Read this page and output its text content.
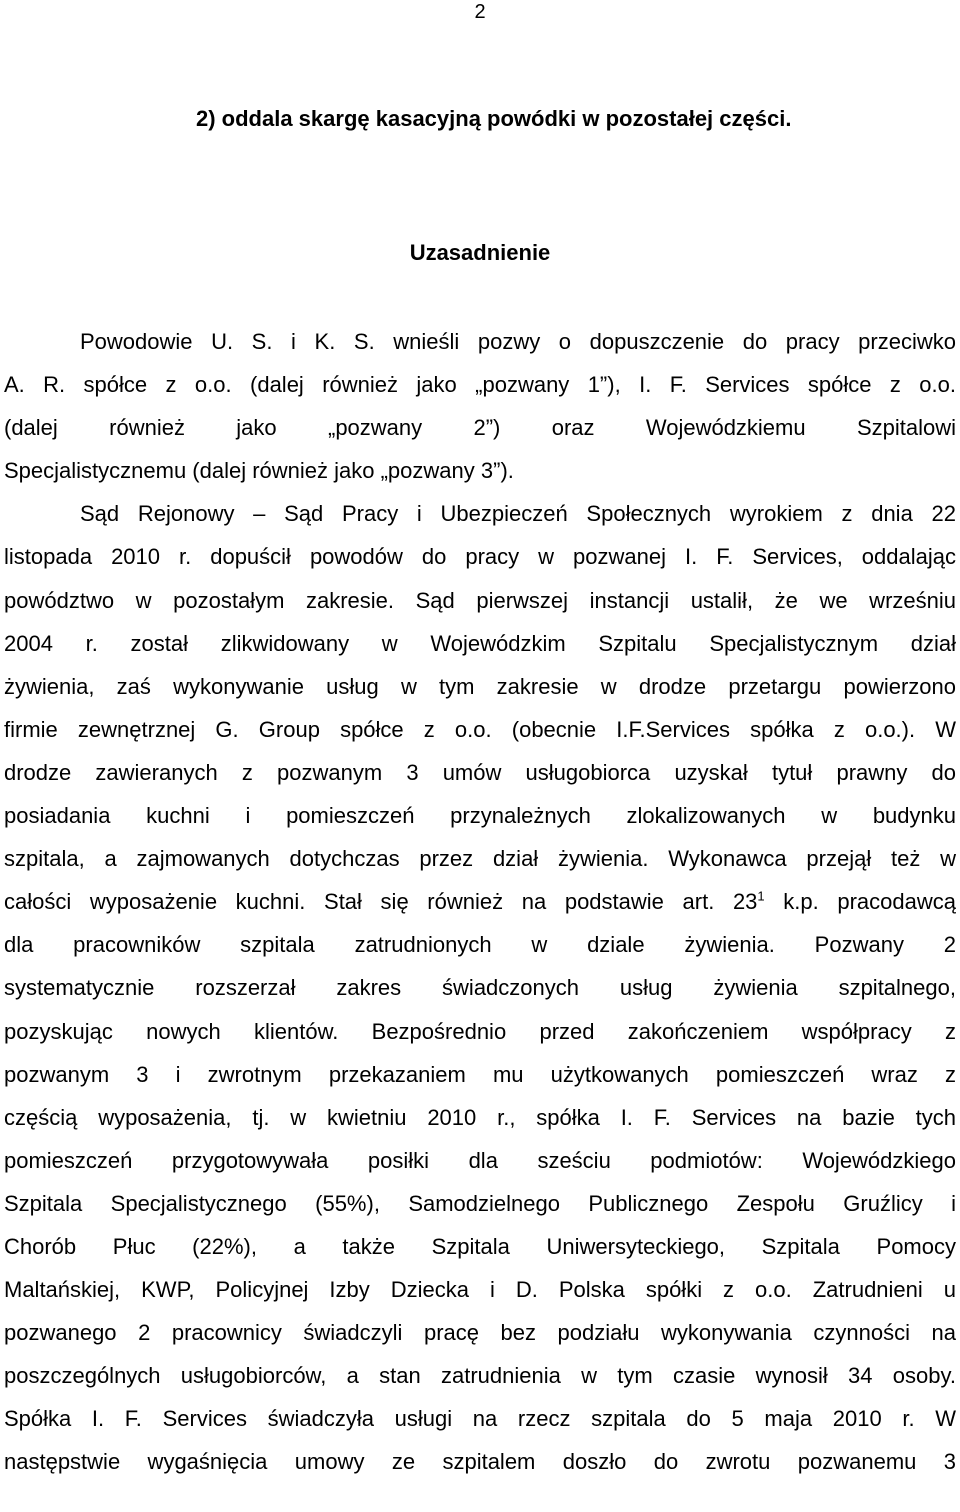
2
2) oddala skargę kasacyjną powódki w pozostałej części.
Uzasadnienie
Powodowie U. S. i K. S. wnieśli pozwy o dopuszczenie do pracy przeciwko
A. R. spółce z o.o. (dalej również jako „pozwany 1”), I. F. Services spółce z o.o.
(dalej również jako „pozwany 2”) oraz Wojewódzkiemu Szpitalowi
Specjalistycznemu (dalej również jako „pozwany 3”).
Sąd Rejonowy – Sąd Pracy i Ubezpieczeń Społecznych wyrokiem z dnia 22
listopada 2010 r. dopuścił powodów do pracy w pozwanej I. F. Services, oddalając
powództwo w pozostałym zakresie. Sąd pierwszej instancji ustalił, że we wrześniu
2004 r. został zlikwidowany w Wojewódzkim Szpitalu Specjalistycznym dział
żywienia, zaś wykonywanie usług w tym zakresie w drodze przetargu powierzono
firmie zewnętrznej G. Group spółce z o.o. (obecnie I.F.Services spółka z o.o.). W
drodze zawieranych z pozwanym 3 umów usługobiorca uzyskał tytuł prawny do
posiadania kuchni i pomieszczeń przynależnych zlokalizowanych w budynku
szpitala, a zajmowanych dotychczas przez dział żywienia. Wykonawca przejął też w
całości wyposażenie kuchni. Stał się również na podstawie art. $23^1$ k.p. pracodawcą
dla pracowników szpitala zatrudnionych w dziale żywienia. Pozwany 2
systematycznie rozszerzał zakres świadczonych usług żywienia szpitalnego,
pozyskując nowych klientów. Bezpośrednio przed zakończeniem współpracy z
pozwanym 3 i zwrotnym przekazaniem mu użytkowanych pomieszczeń wraz z
częścią wyposażenia, tj. w kwietniu 2010 r., spółka I. F. Services na bazie tych
pomieszczeń przygotowywała posiłki dla sześciu podmiotów: Wojewódzkiego
Szpitala Specjalistycznego (55%), Samodzielnego Publicznego Zespołu Gruźlicy i
Chorób Płuc (22%), a także Szpitala Uniwersyteckiego, Szpitala Pomocy
Maltańskiej, KWP, Policyjnej Izby Dziecka i D. Polska spółki z o.o. Zatrudnieni u
pozwanego 2 pracownicy świadczyli pracę bez podziału wykonywania czynności na
poszczególnych usługobiorców, a stan zatrudnienia w tym czasie wynosił 34 osoby.
Spółka I. F. Services świadczyła usługi na rzecz szpitala do 5 maja 2010 r. W
następstwie wygaśnięcia umowy ze szpitalem doszło do zwrotu pozwanemu 3
